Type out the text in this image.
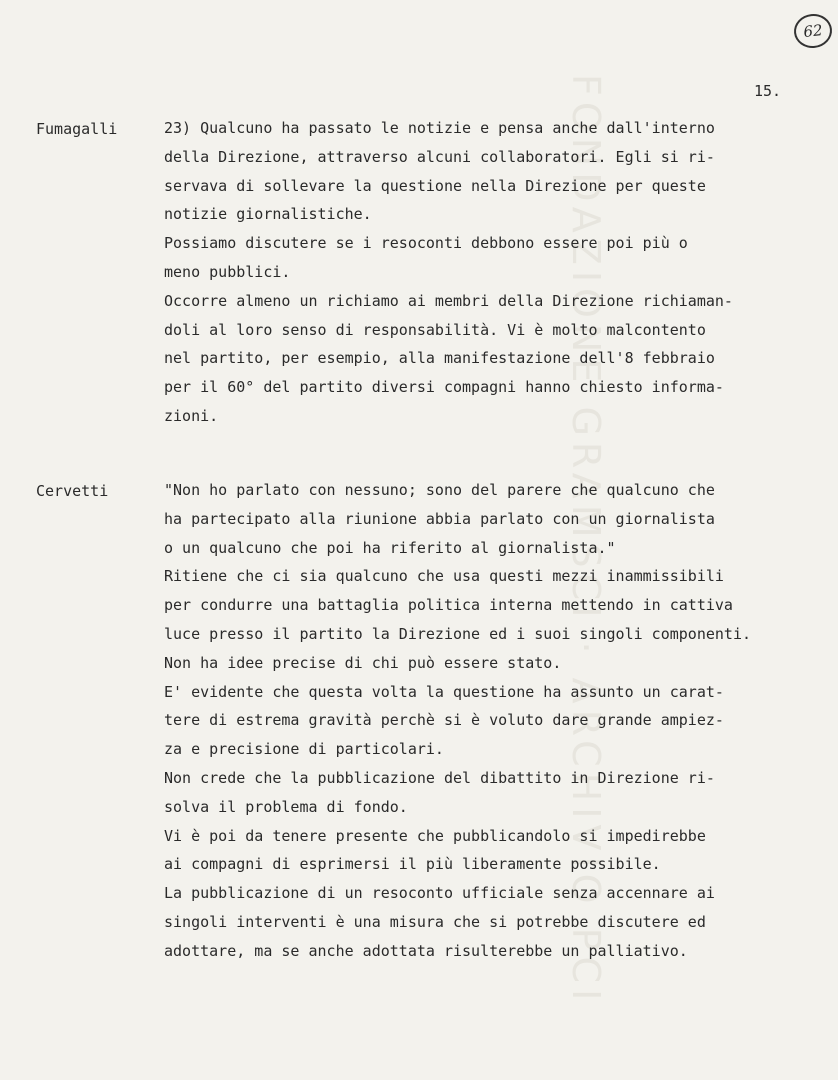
FONDAZIONE GRAMSCI · ARCHIVIO PCI
62
15.
Fumagalli	23) Qualcuno ha passato le notizie e pensa anche dall'interno
della Direzione, attraverso alcuni collaboratori. Egli si ri-
servava di sollevare la questione nella Direzione per queste
notizie giornalistiche.
Possiamo discutere se i resoconti debbono essere poi più o
meno pubblici.
Occorre almeno un richiamo ai membri della Direzione richiaman-
doli al loro senso di responsabilità. Vi è molto malcontento
nel partito, per esempio, alla manifestazione dell'8 febbraio
per il 60° del partito diversi compagni hanno chiesto informa-
zioni.
Cervetti	"Non ho parlato con nessuno; sono del parere che qualcuno che
ha partecipato alla riunione abbia parlato con un giornalista
o un qualcuno che poi ha riferito al giornalista."
Ritiene che ci sia qualcuno che usa questi mezzi inammissibili
per condurre una battaglia politica interna mettendo in cattiva
luce presso il partito la Direzione ed i suoi singoli componenti.
Non ha idee precise di chi può essere stato.
E' evidente che questa volta la questione ha assunto un carat-
tere di estrema gravità perchè si è voluto dare grande ampiez-
za e precisione di particolari.
Non crede che la pubblicazione del dibattito in Direzione ri-
solva il problema di fondo.
Vi è poi da tenere presente che pubblicandolo si impedirebbe
ai compagni di esprimersi il più liberamente possibile.
La pubblicazione di un resoconto ufficiale senza accennare ai
singoli interventi è una misura che si potrebbe discutere ed
adottare, ma se anche adottata risulterebbe un palliativo.
